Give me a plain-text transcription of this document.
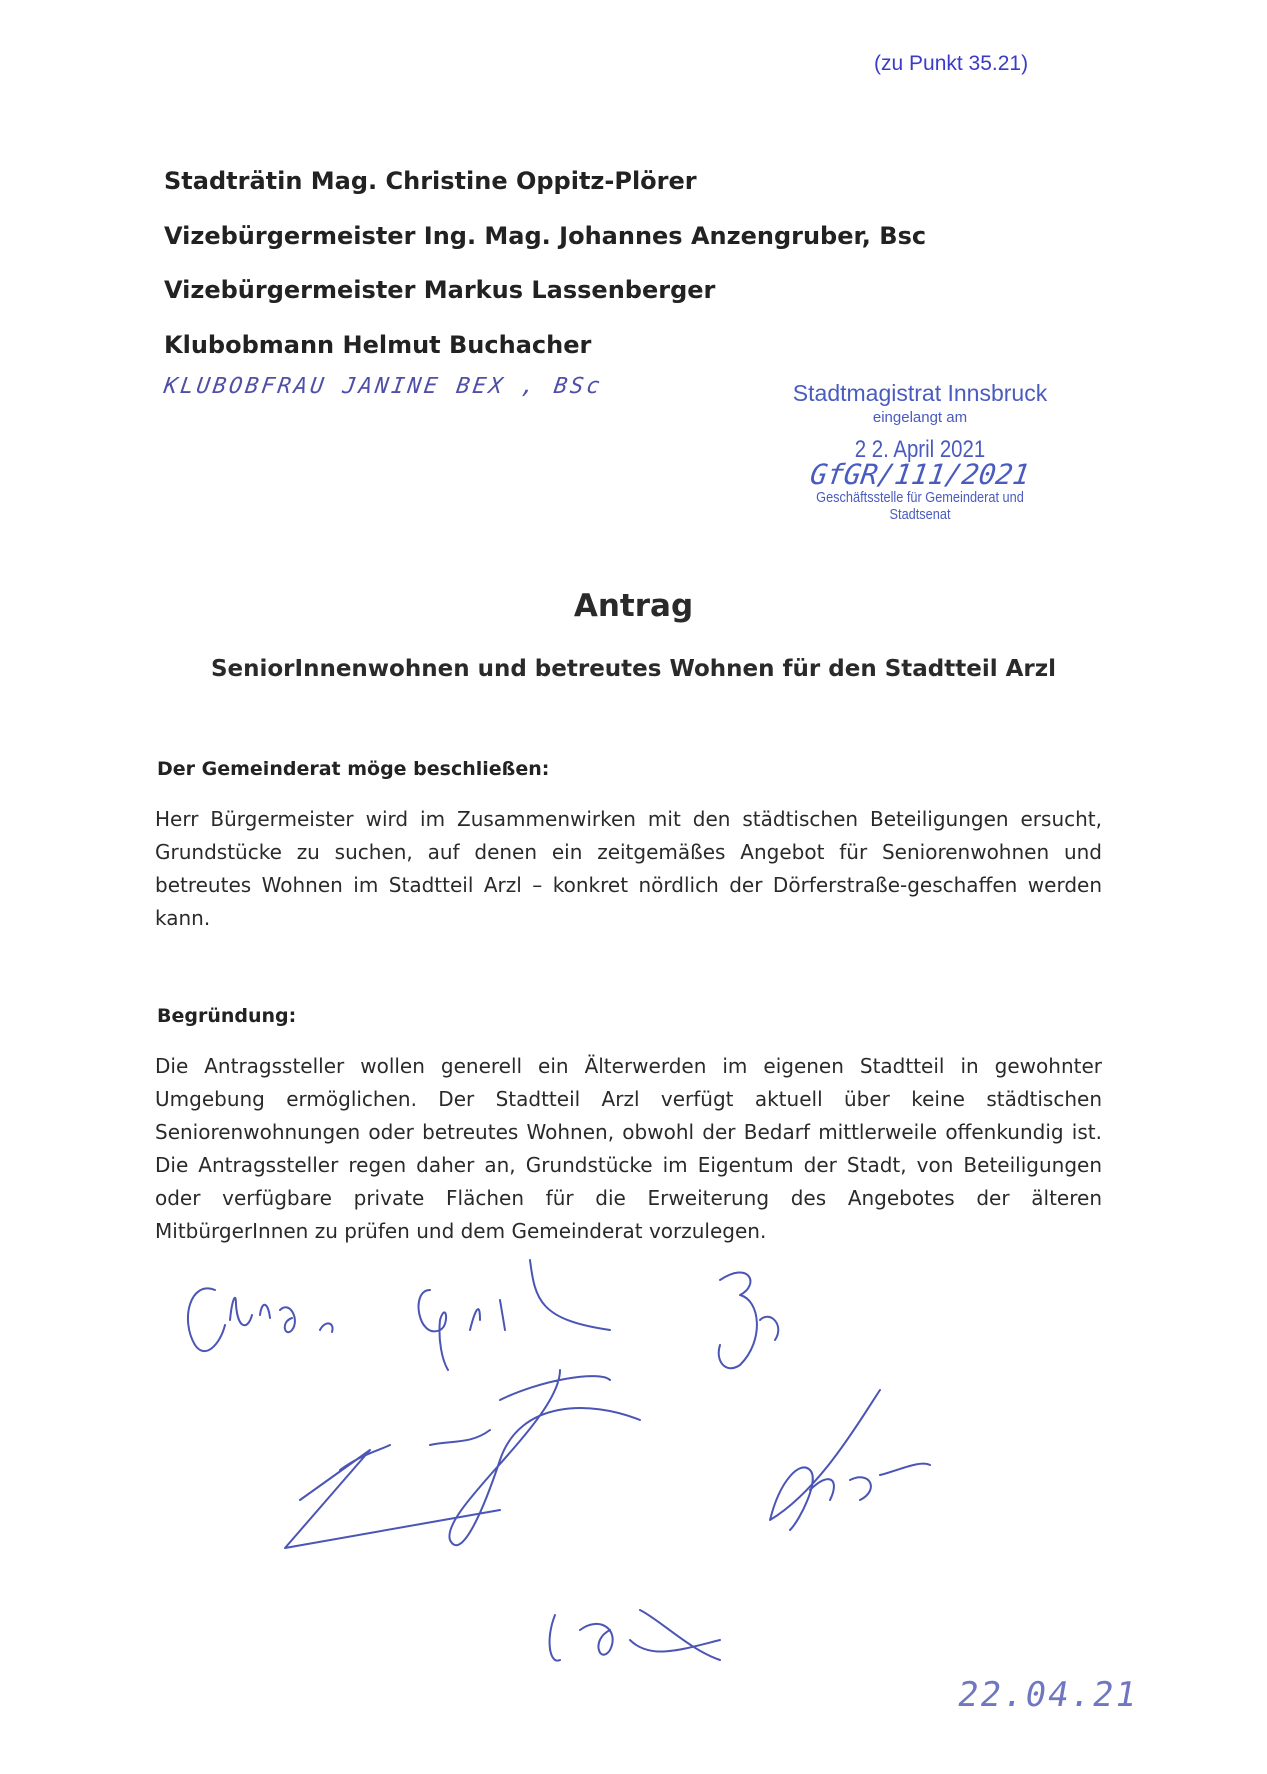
(zu Punkt 35.21)
Stadträtin Mag. Christine Oppitz-Plörer
Vizebürgermeister Ing. Mag. Johannes Anzengruber, Bsc
Vizebürgermeister Markus Lassenberger
Klubobmann Helmut Buchacher
KLUBOBFRAU JANINE BEX , BSc	Stadtmagistrat Innsbruck
eingelangt am
2 2. April 2021
GfGR/111/2021
Geschäftsstelle für Gemeinderat und Stadtsenat
Antrag
SeniorInnenwohnen und betreutes Wohnen für den Stadtteil Arzl
Der Gemeinderat möge beschließen:
Herr Bürgermeister wird im Zusammenwirken mit den städtischen Beteiligungen ersucht, Grundstücke zu suchen, auf denen ein zeitgemäßes Angebot für Seniorenwohnen und betreutes Wohnen im Stadtteil Arzl – konkret nördlich der Dörferstraße-geschaffen werden kann.
Begründung:
Die Antragssteller wollen generell ein Älterwerden im eigenen Stadtteil in gewohnter Umgebung ermöglichen. Der Stadtteil Arzl verfügt aktuell über keine städtischen Seniorenwohnungen oder betreutes Wohnen, obwohl der Bedarf mittlerweile offenkundig ist. Die Antragssteller regen daher an, Grundstücke im Eigentum der Stadt, von Beteiligungen oder verfügbare private Flächen für die Erweiterung des Angebotes der älteren MitbürgerInnen zu prüfen und dem Gemeinderat vorzulegen.
22.04.21
